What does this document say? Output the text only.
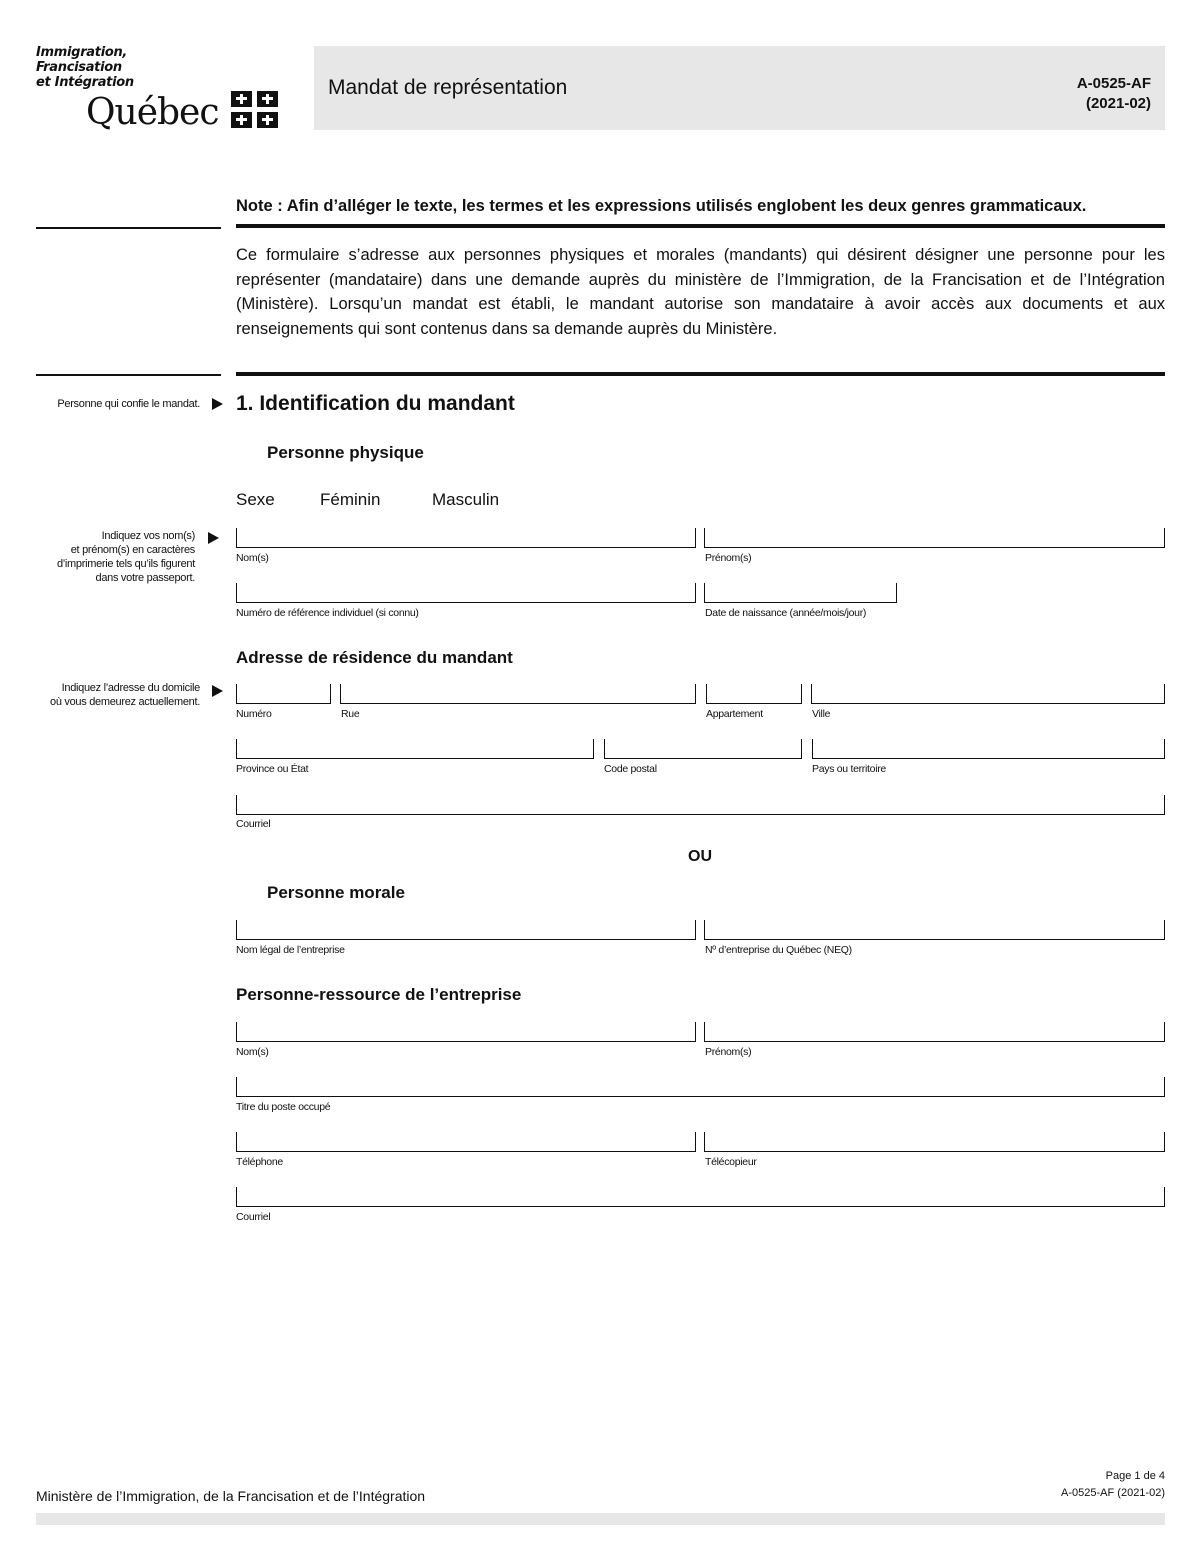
Immigration,
Francisation
et Intégration
Québec
Mandat de représentation	A-0525-AF
(2021-02)
Note : Afin d’alléger le texte, les termes et les expressions utilisés englobent les deux genres grammaticaux.
Ce formulaire s’adresse aux personnes physiques et morales (mandants) qui désirent désigner une personne pour les représenter (mandataire) dans une demande auprès du ministère de l’Immigration, de la Francisation et de l’Intégration (Ministère). Lorsqu’un mandat est établi, le mandant autorise son mandataire à avoir accès aux documents et aux renseignements qui sont contenus dans sa demande auprès du Ministère.
Personne qui confie le mandat. 1. Identification du mandant
Personne physique
Sexe	Féminin	Masculin
Indiquez vos nom(s)
et prénom(s) en caractères
d’imprimerie tels qu’ils figurent
dans votre passeport.
Nom(s)	Prénom(s)
Numéro de référence individuel (si connu)	Date de naissance (année/mois/jour)
Adresse de résidence du mandant
Indiquez l’adresse du domicile
où vous demeurez actuellement.
Numéro	Rue	Appartement	Ville
Province ou État	Code postal	Pays ou territoire
Courriel
OU
Personne morale
Nom légal de l’entreprise	Nº d’entreprise du Québec (NEQ)
Personne-ressource de l’entreprise
Nom(s)	Prénom(s)
Titre du poste occupé
Téléphone	Télécopieur
Courriel
Ministère de l’Immigration, de la Francisation et de l’Intégration
Page 1 de 4
A-0525-AF (2021-02)
